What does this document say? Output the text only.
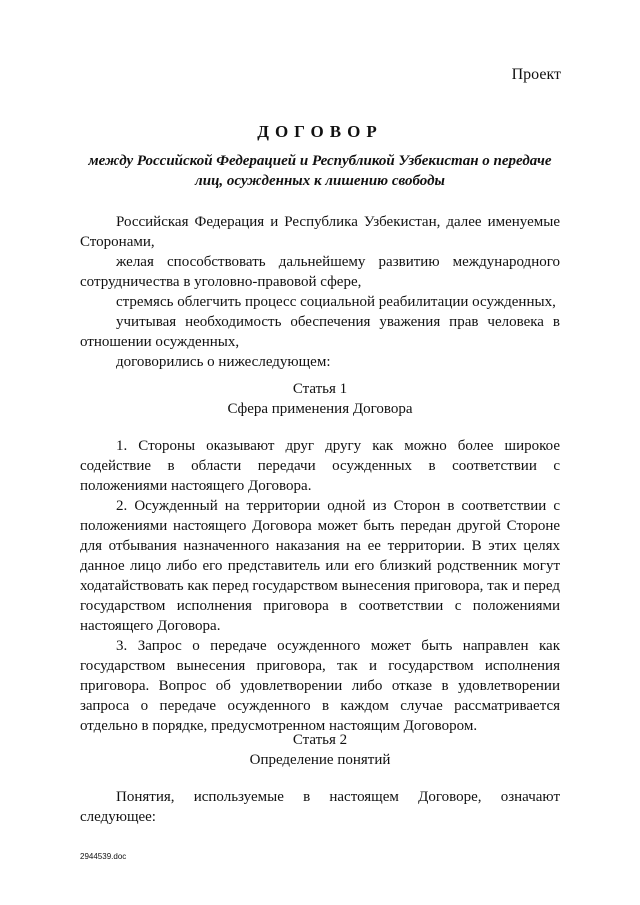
Проект
ДОГОВОР
между Российской Федерацией и Республикой Узбекистан о передаче лиц, осужденных к лишению свободы

Российская Федерация и Республика Узбекистан, далее именуемые Сторонами,

желая способствовать дальнейшему развитию международного сотрудничества в уголовно-правовой сфере,

стремясь облегчить процесс социальной реабилитации осужденных,

учитывая необходимость обеспечения уважения прав человека в отношении осужденных,

договорились о нижеследующем:

Статья 1

Сфера применения Договора

1. Стороны оказывают друг другу как можно более широкое содействие в области передачи осужденных в соответствии с положениями настоящего Договора.

2. Осужденный на территории одной из Сторон в соответствии с положениями настоящего Договора может быть передан другой Стороне для отбывания назначенного наказания на ее территории. В этих целях данное лицо либо его представитель или его близкий родственник могут ходатайствовать как перед государством вынесения приговора, так и перед государством исполнения приговора в соответствии с положениями настоящего Договора.

3. Запрос о передаче осужденного может быть направлен как государством вынесения приговора, так и государством исполнения приговора. Вопрос об удовлетворении либо отказе в удовлетворении запроса о передаче осужденного в каждом случае рассматривается отдельно в порядке, предусмотренном настоящим Договором.

Статья 2

Определение понятий

Понятия, используемые в настоящем Договоре, означают следующее:

2944539.doc
